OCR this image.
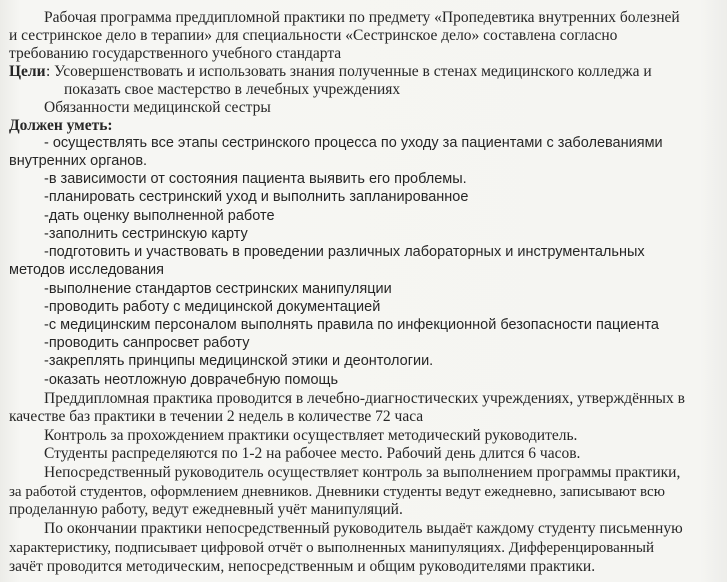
Рабочая программа преддипломной практики по предмету «Пропедевтика внутренних болезней
и сестринское дело в терапии» для специальности «Сестринское дело» составлена согласно
требованию государственного учебного стандарта
Цели : Усовершенствовать и использовать знания полученные в стенах медицинского колледжа и
показать свое мастерство в лечебных учреждениях
Обязанности медицинской сестры
Должен уметь:
- осуществлять все этапы сестринского процесса по уходу за пациентами с заболеваниями
внутренних органов.
-в зависимости от состояния пациента выявить его проблемы.
-планировать сестринский уход и выполнить запланированное
-дать оценку выполненной работе
-заполнить сестринскую карту
-подготовить и участвовать в проведении различных лабораторных и инструментальных
методов исследования
-выполнение стандартов сестринских манипуляции
-проводить работу с медицинской документацией
-с медицинским персоналом выполнять правила по инфекционной безопасности пациента
-проводить санпросвет работу
-закреплять принципы медицинской этики и деонтологии.
-оказать неотложную доврачебную помощь
Преддипломная практика проводится в лечебно-диагностических учреждениях, утверждённых в
качестве баз практики в течении 2 недель в количестве 72 часа
Контроль за прохождением практики осуществляет методический руководитель.
Студенты распределяются по 1-2 на рабочее место. Рабочий день длится 6 часов.
Непосредственный руководитель осуществляет контроль за выполнением программы практики,
за работой студентов, оформлением дневников. Дневники студенты ведут ежедневно, записывают всю
проделанную работу, ведут ежедневный учёт манипуляций.
По окончании практики непосредственный руководитель выдаёт каждому студенту письменную
характеристику, подписывает цифровой отчёт о выполненных манипуляциях. Дифференцированный
зачёт проводится методическим, непосредственным и общим руководителями практики.
